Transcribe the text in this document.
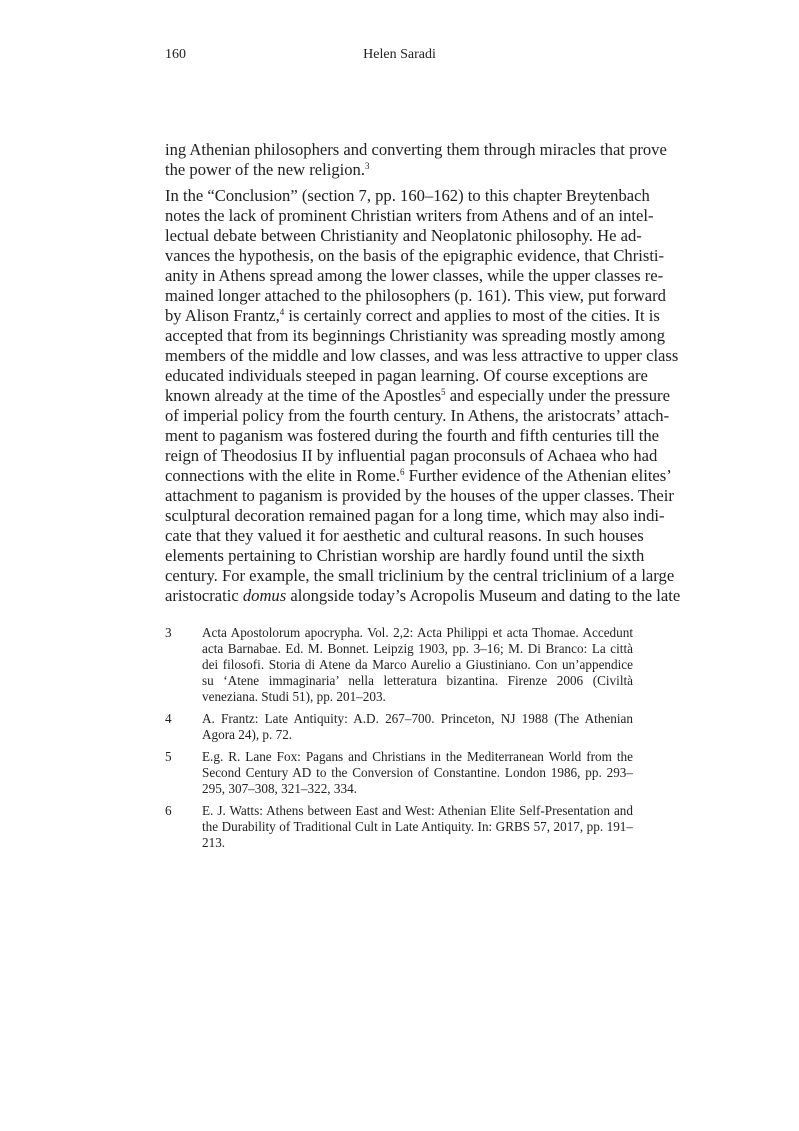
160	Helen Saradi
ing Athenian philosophers and converting them through miracles that prove
the power of the new religion.$^3$
In the “Conclusion” (section 7, pp. 160–162) to this chapter Breytenbach
notes the lack of prominent Christian writers from Athens and of an intel-
lectual debate between Christianity and Neoplatonic philosophy. He ad-
vances the hypothesis, on the basis of the epigraphic evidence, that Christi-
anity in Athens spread among the lower classes, while the upper classes re-
mained longer attached to the philosophers (p. 161). This view, put forward
by Alison Frantz,$^4$ is certainly correct and applies to most of the cities. It is
accepted that from its beginnings Christianity was spreading mostly among
members of the middle and low classes, and was less attractive to upper class
educated individuals steeped in pagan learning. Of course exceptions are
known already at the time of the Apostles$^5$ and especially under the pressure
of imperial policy from the fourth century. In Athens, the aristocrats’ attach-
ment to paganism was fostered during the fourth and fifth centuries till the
reign of Theodosius II by influential pagan proconsuls of Achaea who had
connections with the elite in Rome.$^6$ Further evidence of the Athenian elites’
attachment to paganism is provided by the houses of the upper classes. Their
sculptural decoration remained pagan for a long time, which may also indi-
cate that they valued it for aesthetic and cultural reasons. In such houses
elements pertaining to Christian worship are hardly found until the sixth
century. For example, the small triclinium by the central triclinium of a large
aristocratic domus alongside today’s Acropolis Museum and dating to the late
3	Acta Apostolorum apocrypha. Vol. 2,2: Acta Philippi et acta Thomae. Accedunt acta Barnabae. Ed. M. Bonnet. Leipzig 1903, pp. 3–16; M. Di Branco: La città dei filosofi. Storia di Atene da Marco Aurelio a Giustiniano. Con un’appendice su ‘Atene immaginaria’ nella letteratura bizantina. Firenze 2006 (Civiltà veneziana. Studi 51), pp. 201–203.
4	A. Frantz: Late Antiquity: A.D. 267–700. Princeton, NJ 1988 (The Athenian Agora 24), p. 72.
5	E.g. R. Lane Fox: Pagans and Christians in the Mediterranean World from the Second Century AD to the Conversion of Constantine. London 1986, pp. 293–295, 307–308, 321–322, 334.
6	E. J. Watts: Athens between East and West: Athenian Elite Self-Presentation and the Durability of Traditional Cult in Late Antiquity. In: GRBS 57, 2017, pp. 191–213.
